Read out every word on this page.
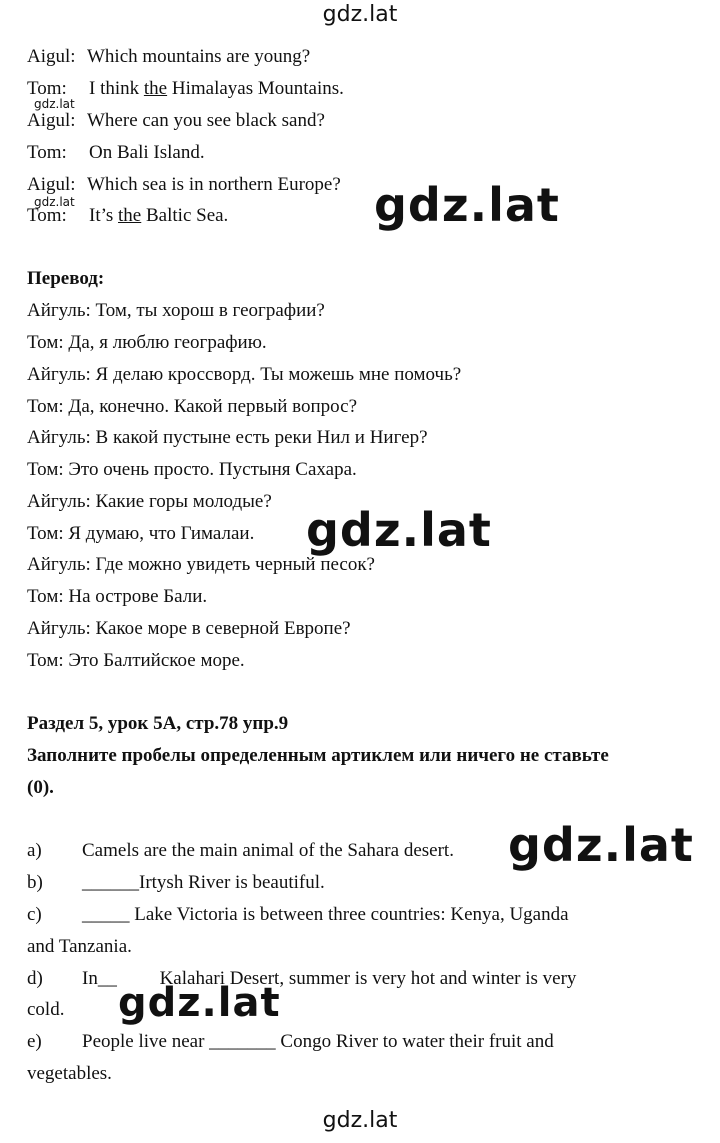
gdz.lat
Aigul: Which mountains are young?
Tom: I think the Himalayas Mountains.
Aigul: Where can you see black sand?
Tom: On Bali Island.
Aigul: Which sea is in northern Europe?
Tom: It’s the Baltic Sea.
gdz.lat
gdz.lat	gdz.lat
Перевод:
Айгуль: Том, ты хорош в географии?
Том: Да, я люблю географию.
Айгуль: Я делаю кроссворд. Ты можешь мне помочь?
Том: Да, конечно. Какой первый вопрос?
Айгуль: В какой пустыне есть реки Нил и Нигер?
Том: Это очень просто. Пустыня Сахара.
Айгуль: Какие горы молодые?
Том: Я думаю, что Гималаи.
Айгуль: Где можно увидеть черный песок?
Том: На острове Бали.
Айгуль: Какое море в северной Европе?
Том: Это Балтийское море.
gdz.lat
Раздел 5, урок 5А, стр.78 упр.9
Заполните пробелы определенным артиклем или ничего не ставьте
(0).
a) Camels are the main animal of the Sahara desert.
b) ______Irtysh River is beautiful.
c) _____ Lake Victoria is between three countries: Kenya, Uganda
and Tanzania.
d) In__         Kalahari Desert, summer is very hot and winter is very
cold.
e) People live near _______ Congo River to water their fruit and
vegetables.
gdz.lat
gdz.lat
gdz.lat
